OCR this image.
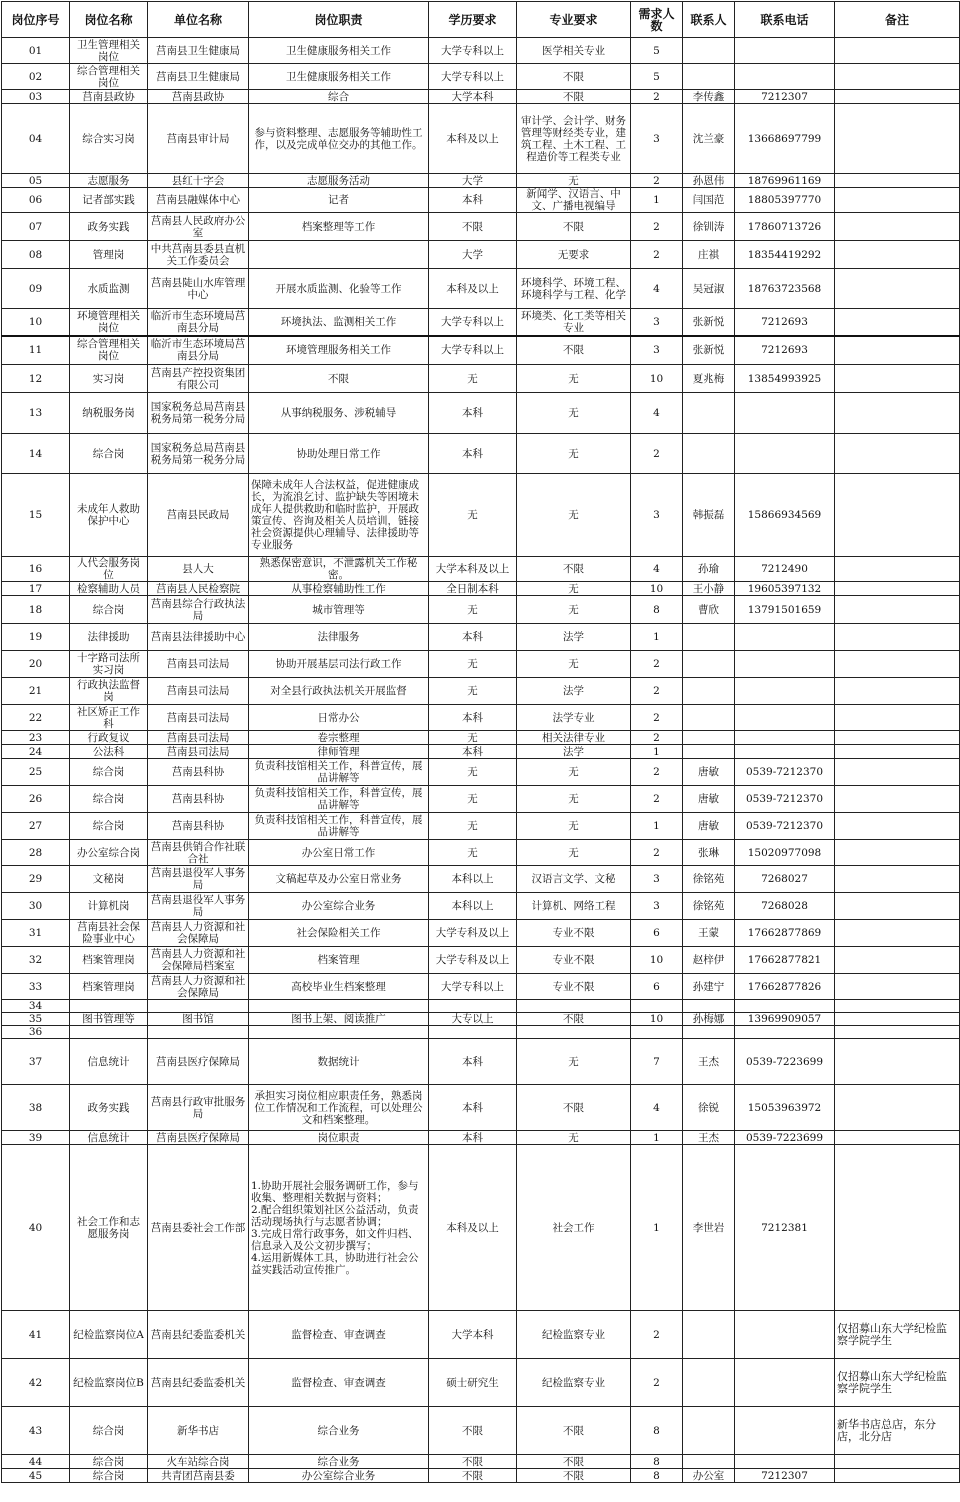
岗位序号	岗位名称	单位名称	岗位职责	学历要求	专业要求	需求人数	联系人	联系电话	备注
01	卫生管理相关岗位	莒南县卫生健康局	卫生健康服务相关工作	大学专科以上	医学相关专业	5			
02	综合管理相关岗位	莒南县卫生健康局	卫生健康服务相关工作	大学专科以上	不限	5			
03	莒南县政协	莒南县政协	综合	大学本科	不限	2	李传鑫	7212307	
04	综合实习岗	莒南县审计局	参与资料整理、志愿服务等辅助性工作，以及完成单位交办的其他工作。	本科及以上	审计学、会计学、财务管理等财经类专业，建筑工程、土木工程、工程造价等工程类专业	3	沈兰豪	13668697799	
05	志愿服务	县红十字会	志愿服务活动	大学	无	2	孙恩伟	18769961169	
06	记者部实践	莒南县融媒体中心	记者	本科	新闻学、汉语言、中文、广播电视编导	1	闫国范	18805397770	
07	政务实践	莒南县人民政府办公室	档案整理等工作	不限	不限	2	徐钏涛	17860713726	
08	管理岗	中共莒南县委县直机关工作委员会		大学	无要求	2	庄祺	18354419292	
09	水质监测	莒南县陡山水库管理中心	开展水质监测、化验等工作	本科及以上	环境科学、环境工程、环境科学与工程、化学	4	吴冠淑	18763723568	
10	环境管理相关岗位	临沂市生态环境局莒南县分局	环境执法、监测相关工作	大学专科以上	环境类、化工类等相关专业	3	张新悦	7212693	
11	综合管理相关岗位	临沂市生态环境局莒南县分局	环境管理服务相关工作	大学专科以上	不限	3	张新悦	7212693	
12	实习岗	莒南县产控投资集团有限公司	不限	无	无	10	夏兆梅	13854993925	
13	纳税服务岗	国家税务总局莒南县税务局第一税务分局	从事纳税服务、涉税辅导	本科	无	4			
14	综合岗	国家税务总局莒南县税务局第一税务分局	协助处理日常工作	本科	无	2			
15	未成年人救助保护中心	莒南县民政局	保障未成年人合法权益，促进健康成长，为流浪乞讨、监护缺失等困境未成年人提供救助和临时监护，开展政策宣传、咨询及相关人员培训，链接社会资源提供心理辅导、法律援助等专业服务	无	无	3	韩振磊	15866934569	
16	人代会服务岗位	县人大	熟悉保密意识，不泄露机关工作秘密。	大学本科及以上	不限	4	孙瑜	7212490	
17	检察辅助人员	莒南县人民检察院	从事检察辅助性工作	全日制本科	无	10	王小静	19605397132	
18	综合岗	莒南县综合行政执法局	城市管理等	无	无	8	曹欣	13791501659	
19	法律援助	莒南县法律援助中心	法律服务	本科	法学	1			
20	十字路司法所实习岗	莒南县司法局	协助开展基层司法行政工作	无	无	2			
21	行政执法监督岗	莒南县司法局	对全县行政执法机关开展监督	无	法学	2			
22	社区矫正工作科	莒南县司法局	日常办公	本科	法学专业	2			
23	行政复议	莒南县司法局	卷宗整理	无	相关法律专业	2			
24	公法科	莒南县司法局	律师管理	本科	法学	1			
25	综合岗	莒南县科协	负责科技馆相关工作，科普宣传，展品讲解等	无	无	2	唐敏	0539-7212370	
26	综合岗	莒南县科协	负责科技馆相关工作，科普宣传，展品讲解等	无	无	2	唐敏	0539-7212370	
27	综合岗	莒南县科协	负责科技馆相关工作，科普宣传，展品讲解等	无	无	1	唐敏	0539-7212370	
28	办公室综合岗	莒南县供销合作社联合社	办公室日常工作	无	无	2	张琳	15020977098	
29	文秘岗	莒南县退役军人事务局	文稿起草及办公室日常业务	本科以上	汉语言文学、文秘	3	徐铭苑	7268027	
30	计算机岗	莒南县退役军人事务局	办公室综合业务	本科以上	计算机、网络工程	3	徐铭苑	7268028	
31	莒南县社会保险事业中心	莒南县人力资源和社会保障局	社会保险相关工作	大学专科及以上	专业不限	6	王蒙	17662877869	
32	档案管理岗	莒南县人力资源和社会保障局档案室	档案管理	大学专科及以上	专业不限	10	赵梓伊	17662877821	
33	档案管理岗	莒南县人力资源和社会保障局	高校毕业生档案整理	大学专科以上	专业不限	6	孙建宁	17662877826	
34									
35	图书管理等	图书馆	图书上架、阅读推广	大专以上	不限	10	孙梅娜	13969909057	
36									
37	信息统计	莒南县医疗保障局	数据统计	本科	无	7	王杰	0539-7223699	
38	政务实践	莒南县行政审批服务局	承担实习岗位相应职责任务，熟悉岗位工作情况和工作流程，可以处理公文和档案整理。	本科	不限	4	徐锐	15053963972	
39	信息统计	莒南县医疗保障局	岗位职责	本科	无	1	王杰	0539-7223699	
40	社会工作和志愿服务岗	莒南县委社会工作部	1.协助开展社会服务调研工作，参与收集、整理相关数据与资料；
2.配合组织策划社区公益活动，负责活动现场执行与志愿者协调；
3.完成日常行政事务，如文件归档、信息录入及公文初步撰写；
4.运用新媒体工具，协助进行社会公益实践活动宣传推广。	本科及以上	社会工作	1	李世岩	7212381	
41	纪检监察岗位A	莒南县纪委监委机关	监督检查、审查调查	大学本科	纪检监察专业	2			仅招募山东大学纪检监察学院学生
42	纪检监察岗位B	莒南县纪委监委机关	监督检查、审查调查	硕士研究生	纪检监察专业	2			仅招募山东大学纪检监察学院学生
43	综合岗	新华书店	综合业务	不限	不限	8			新华书店总店，东分店，北分店
44	综合岗	火车站综合岗	综合业务	不限	不限	8			
45	综合岗	共青团莒南县委	办公室综合业务	不限	不限	8	办公室	7212307	
